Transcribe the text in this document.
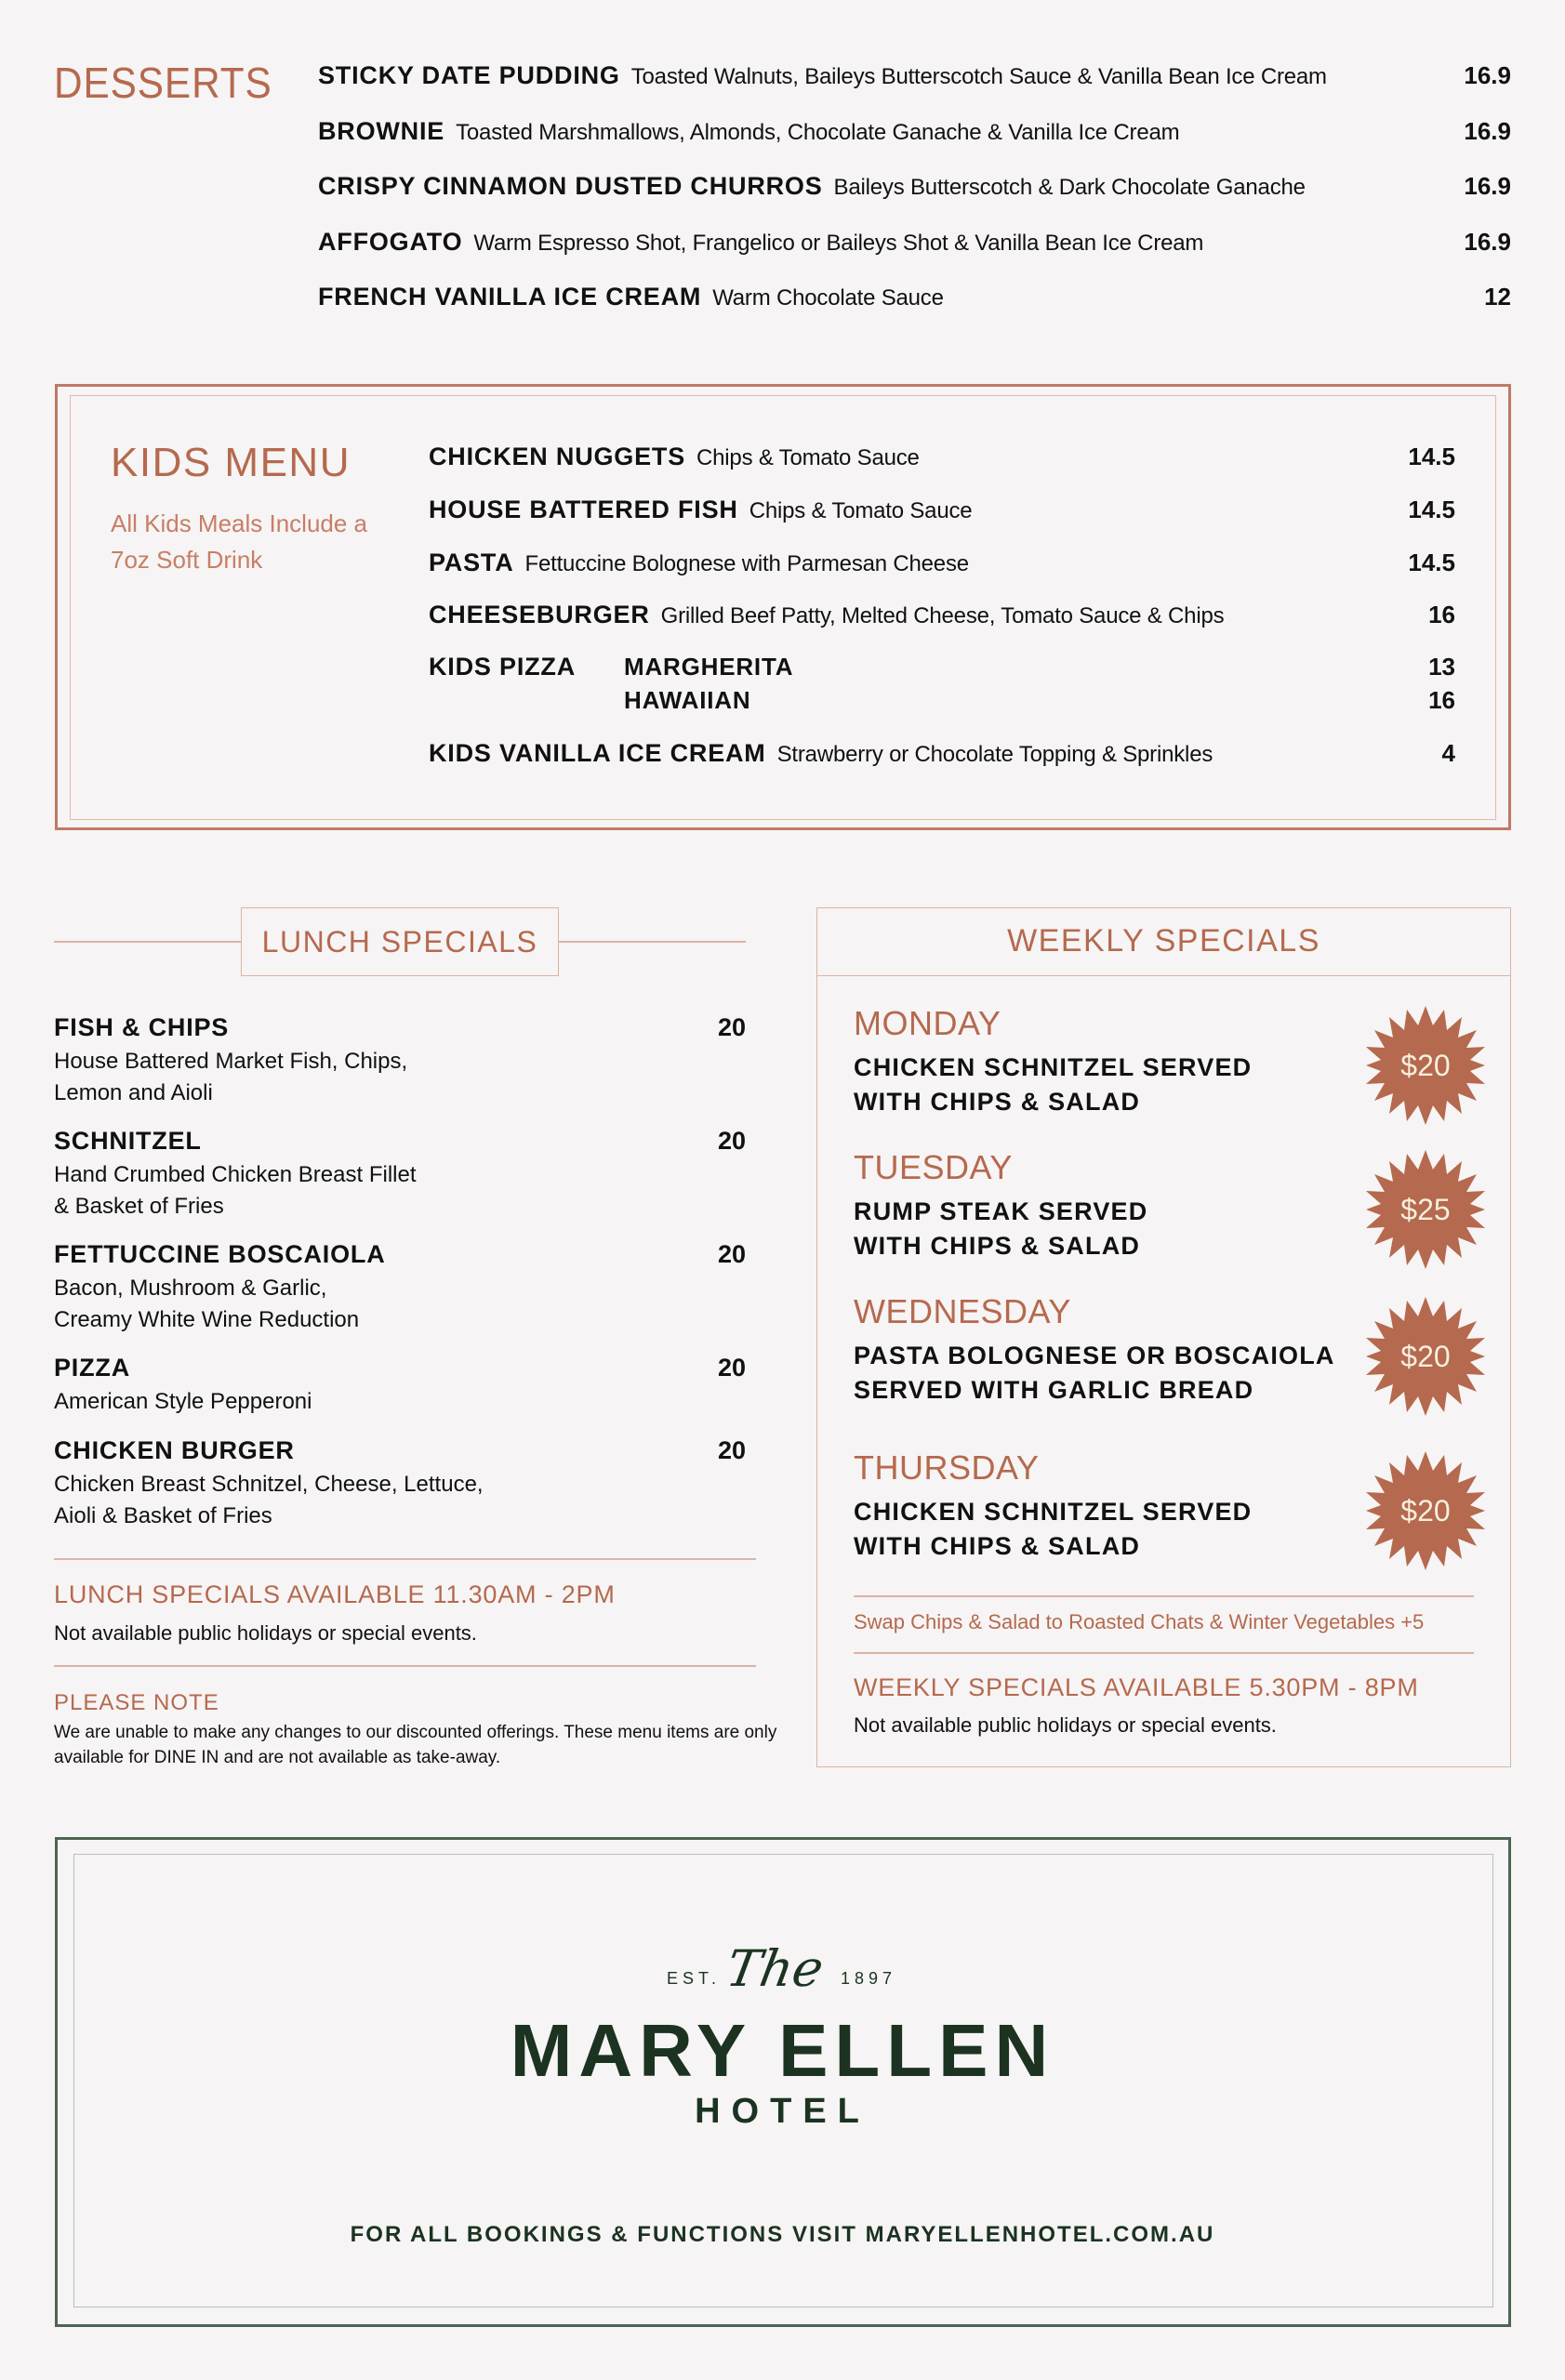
DESSERTS STICKY DATE PUDDING Toasted Walnuts, Baileys Butterscotch Sauce & Vanilla Bean Ice Cream	16.9
BROWNIE Toasted Marshmallows, Almonds, Chocolate Ganache & Vanilla Ice Cream	16.9
CRISPY CINNAMON DUSTED CHURROS Baileys Butterscotch & Dark Chocolate Ganache	16.9
AFFOGATO Warm Espresso Shot, Frangelico or Baileys Shot & Vanilla Bean Ice Cream	16.9
FRENCH VANILLA ICE CREAM Warm Chocolate Sauce	12
KIDS MENU
All Kids Meals Include a 7oz Soft Drink
CHICKEN NUGGETS Chips & Tomato Sauce	14.5
HOUSE BATTERED FISH Chips & Tomato Sauce	14.5
PASTA Fettuccine Bolognese with Parmesan Cheese	14.5
CHEESEBURGER Grilled Beef Patty, Melted Cheese, Tomato Sauce & Chips	16
KIDS PIZZA MARGHERITA	13
HAWAIIAN	16
KIDS VANILLA ICE CREAM Strawberry or Chocolate Topping & Sprinkles	4
LUNCH SPECIALS
FISH & CHIPS	20
House Battered Market Fish, Chips,
Lemon and Aioli
SCHNITZEL	20
Hand Crumbed Chicken Breast Fillet
& Basket of Fries
FETTUCCINE BOSCAIOLA	20
Bacon, Mushroom & Garlic,
Creamy White Wine Reduction
PIZZA	20
American Style Pepperoni
CHICKEN BURGER	20
Chicken Breast Schnitzel, Cheese, Lettuce,
Aioli & Basket of Fries
LUNCH SPECIALS AVAILABLE 11.30AM - 2PM
Not available public holidays or special events.
PLEASE NOTE
We are unable to make any changes to our discounted offerings. These menu items are only available for DINE IN and are not available as take-away.
WEEKLY SPECIALS
MONDAY
CHICKEN SCHNITZEL SERVED
WITH CHIPS & SALAD
$20
TUESDAY
RUMP STEAK SERVED
WITH CHIPS & SALAD
$25
WEDNESDAY
PASTA BOLOGNESE OR BOSCAIOLA
SERVED WITH GARLIC BREAD
$20
THURSDAY
CHICKEN SCHNITZEL SERVED
WITH CHIPS & SALAD
$20
Swap Chips & Salad to Roasted Chats & Winter Vegetables +5
WEEKLY SPECIALS AVAILABLE 5.30PM - 8PM
Not available public holidays or special events.
EST. The 1897
MARY ELLEN
HOTEL
FOR ALL BOOKINGS & FUNCTIONS VISIT MARYELLENHOTEL.COM.AU
